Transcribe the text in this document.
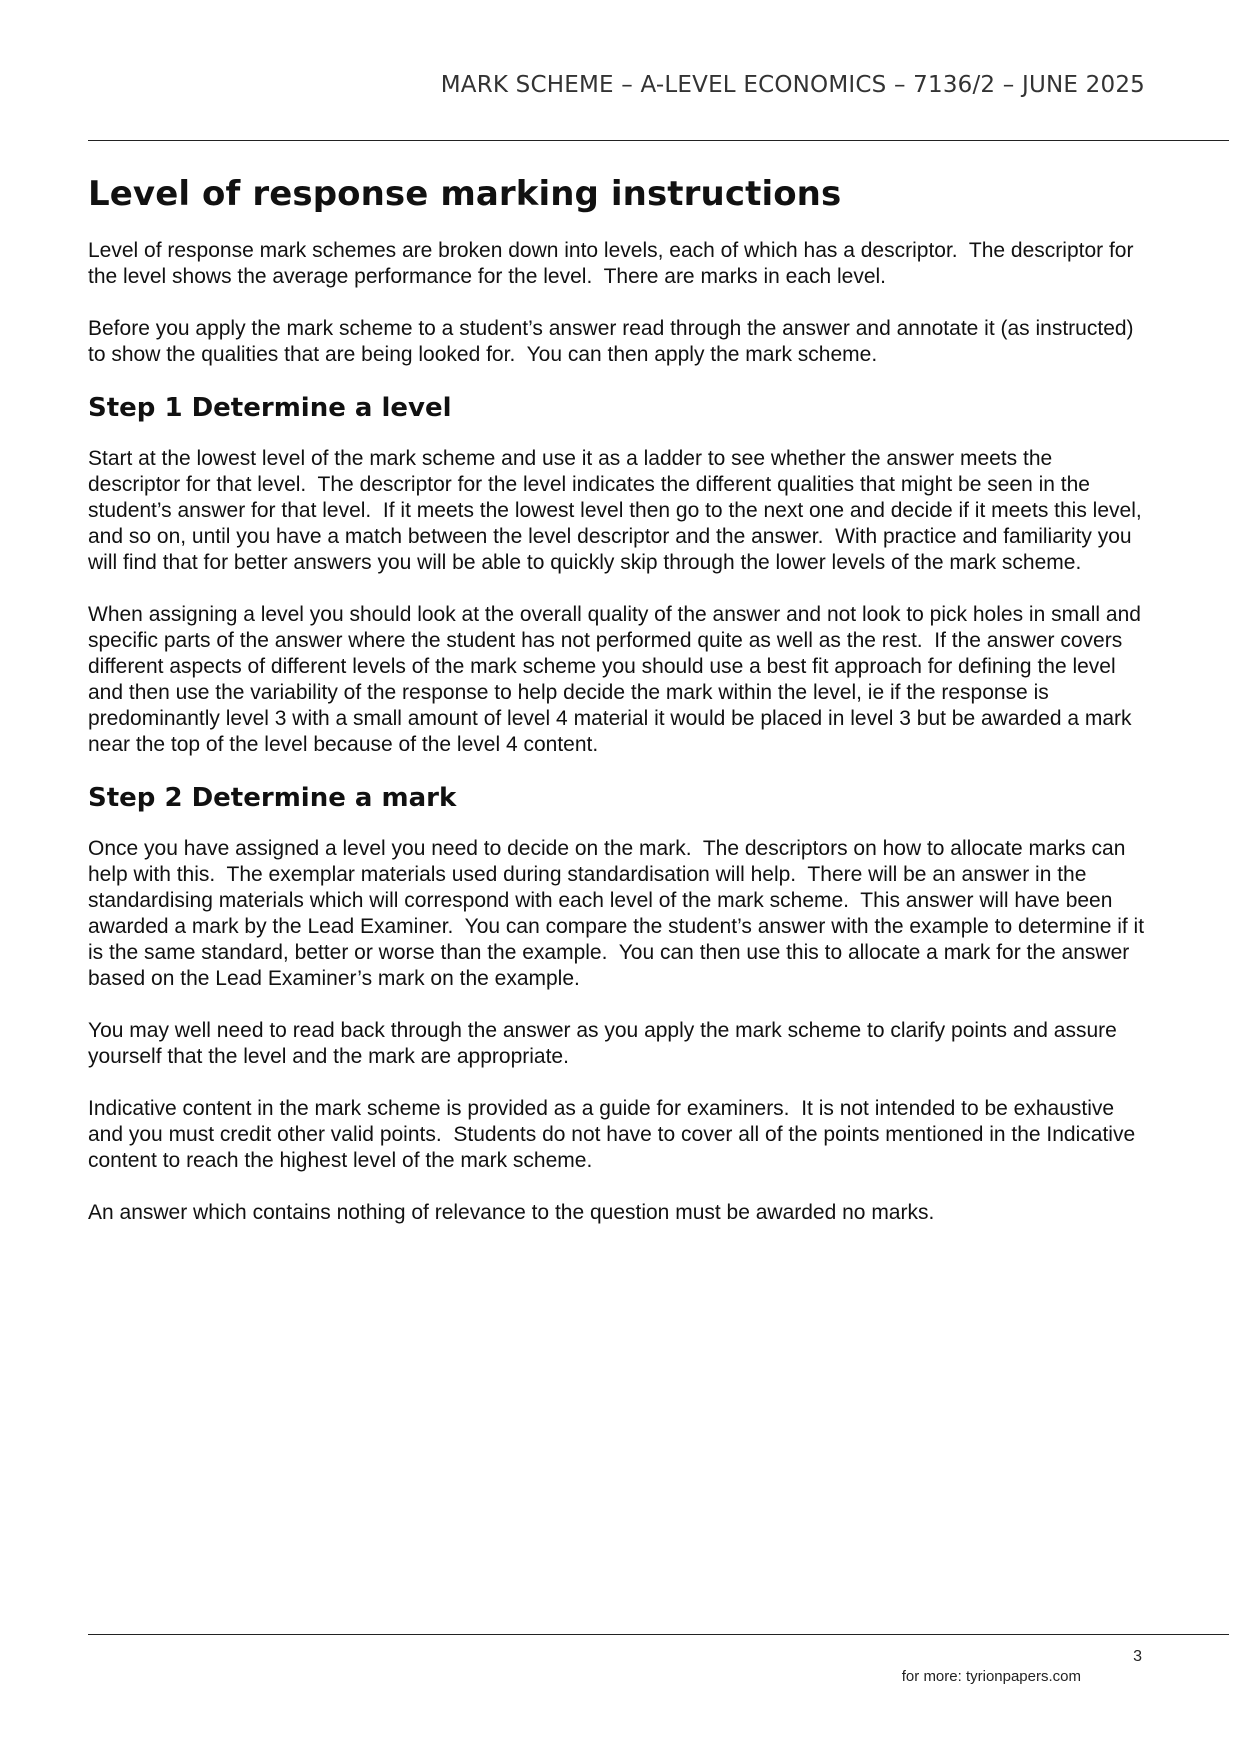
MARK SCHEME – A-LEVEL ECONOMICS – 7136/2 – JUNE 2025
Level of response marking instructions

Level of response mark schemes are broken down into levels, each of which has a descriptor.  The descriptor for the level shows the average performance for the level.  There are marks in each level.

Before you apply the mark scheme to a student’s answer read through the answer and annotate it (as instructed) to show the qualities that are being looked for.  You can then apply the mark scheme.

Step 1 Determine a level

Start at the lowest level of the mark scheme and use it as a ladder to see whether the answer meets the descriptor for that level.  The descriptor for the level indicates the different qualities that might be seen in the student’s answer for that level.  If it meets the lowest level then go to the next one and decide if it meets this level, and so on, until you have a match between the level descriptor and the answer.  With practice and familiarity you will find that for better answers you will be able to quickly skip through the lower levels of the mark scheme.

When assigning a level you should look at the overall quality of the answer and not look to pick holes in small and specific parts of the answer where the student has not performed quite as well as the rest.  If the answer covers different aspects of different levels of the mark scheme you should use a best fit approach for defining the level and then use the variability of the response to help decide the mark within the level, ie if the response is predominantly level 3 with a small amount of level 4 material it would be placed in level 3 but be awarded a mark near the top of the level because of the level 4 content.

Step 2 Determine a mark

Once you have assigned a level you need to decide on the mark.  The descriptors on how to allocate marks can help with this.  The exemplar materials used during standardisation will help.  There will be an answer in the standardising materials which will correspond with each level of the mark scheme.  This answer will have been awarded a mark by the Lead Examiner.  You can compare the student’s answer with the example to determine if it is the same standard, better or worse than the example.  You can then use this to allocate a mark for the answer based on the Lead Examiner’s mark on the example.

You may well need to read back through the answer as you apply the mark scheme to clarify points and assure yourself that the level and the mark are appropriate.

Indicative content in the mark scheme is provided as a guide for examiners.  It is not intended to be exhaustive and you must credit other valid points.  Students do not have to cover all of the points mentioned in the Indicative content to reach the highest level of the mark scheme.

An answer which contains nothing of relevance to the question must be awarded no marks.

3
for more: tyrionpapers.com
